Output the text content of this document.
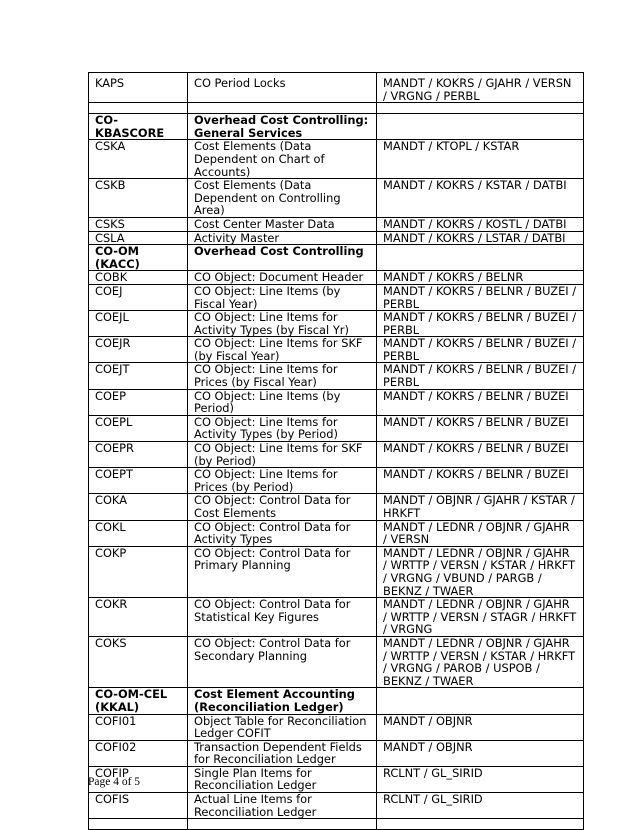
KAPS	CO Period Locks	MANDT / KOKRS / GJAHR / VERSN / VRGNG / PERBL

CO-KBASCORE	Overhead Cost Controlling: General Services	
CSKA	Cost Elements (Data Dependent on Chart of Accounts)	MANDT / KTOPL / KSTAR
CSKB	Cost Elements (Data Dependent on Controlling Area)	MANDT / KOKRS / KSTAR / DATBI
CSKS	Cost Center Master Data	MANDT / KOKRS / KOSTL / DATBI
CSLA	Activity Master	MANDT / KOKRS / LSTAR / DATBI
CO-OM (KACC)	Overhead Cost Controlling	
COBK	CO Object: Document Header	MANDT / KOKRS / BELNR
COEJ	CO Object: Line Items (by Fiscal Year)	MANDT / KOKRS / BELNR / BUZEI / PERBL
COEJL	CO Object: Line Items for Activity Types (by Fiscal Yr)	MANDT / KOKRS / BELNR / BUZEI / PERBL
COEJR	CO Object: Line Items for SKF (by Fiscal Year)	MANDT / KOKRS / BELNR / BUZEI / PERBL
COEJT	CO Object: Line Items for Prices (by Fiscal Year)	MANDT / KOKRS / BELNR / BUZEI / PERBL
COEP	CO Object: Line Items (by Period)	MANDT / KOKRS / BELNR / BUZEI
COEPL	CO Object: Line Items for Activity Types (by Period)	MANDT / KOKRS / BELNR / BUZEI
COEPR	CO Object: Line Items for SKF (by Period)	MANDT / KOKRS / BELNR / BUZEI
COEPT	CO Object: Line Items for Prices (by Period)	MANDT / KOKRS / BELNR / BUZEI
COKA	CO Object: Control Data for Cost Elements	MANDT / OBJNR / GJAHR / KSTAR / HRKFT
COKL	CO Object: Control Data for Activity Types	MANDT / LEDNR / OBJNR / GJAHR / VERSN
COKP	CO Object: Control Data for Primary Planning	MANDT / LEDNR / OBJNR / GJAHR / WRTTP / VERSN / KSTAR / HRKFT / VRGNG / VBUND / PARGB / BEKNZ / TWAER
COKR	CO Object: Control Data for Statistical Key Figures	MANDT / LEDNR / OBJNR / GJAHR / WRTTP / VERSN / STAGR / HRKFT / VRGNG
COKS	CO Object: Control Data for Secondary Planning	MANDT / LEDNR / OBJNR / GJAHR / WRTTP / VERSN / KSTAR / HRKFT / VRGNG / PAROB / USPOB / BEKNZ / TWAER
CO-OM-CEL (KKAL)	Cost Element Accounting (Reconciliation Ledger)	
COFI01	Object Table for Reconciliation Ledger COFIT	MANDT / OBJNR
COFI02	Transaction Dependent Fields for Reconciliation Ledger	MANDT / OBJNR
COFIP	Single Plan Items for Reconciliation Ledger	RCLNT / GL_SIRID
COFIS	Actual Line Items for Reconciliation Ledger	RCLNT / GL_SIRID

Page 4 of 5
